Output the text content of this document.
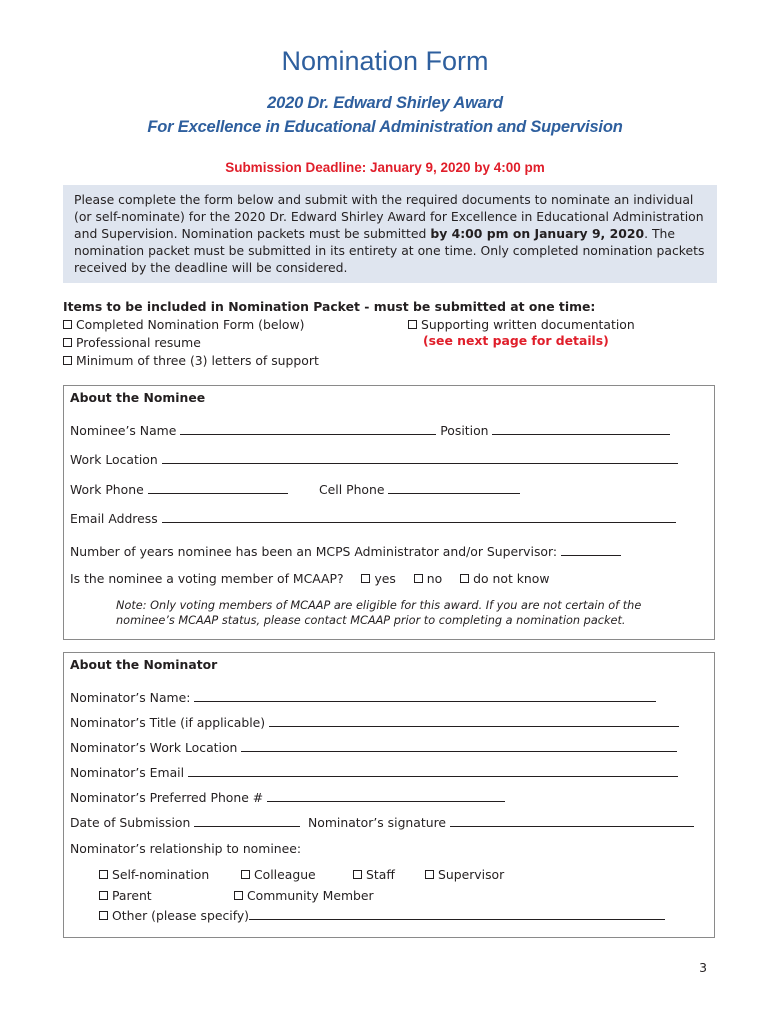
Nomination Form
2020 Dr. Edward Shirley Award
For Excellence in Educational Administration and Supervision
Submission Deadline: January 9, 2020 by 4:00 pm
Please complete the form below and submit with the required documents to nominate an individual (or self-nominate) for the 2020 Dr. Edward Shirley Award for Excellence in Educational Administration and Supervision. Nomination packets must be submitted by 4:00 pm on January 9, 2020. The nomination packet must be submitted in its entirety at one time. Only completed nomination packets received by the deadline will be considered.
Items to be included in Nomination Packet - must be submitted at one time:
Completed Nomination Form (below)
Professional resume
Minimum of three (3) letters of support
Supporting written documentation
(see next page for details)
About the Nominee
Nominee’s Name	Position
Work Location
Work Phone	Cell Phone
Email Address
Number of years nominee has been an MCPS Administrator and/or Supervisor:
Is the nominee a voting member of MCAAP? yes no do not know
Note: Only voting members of MCAAP are eligible for this award. If you are not certain of the nominee’s MCAAP status, please contact MCAAP prior to completing a nomination packet.
About the Nominator
Nominator’s Name:
Nominator’s Title (if applicable)
Nominator’s Work Location
Nominator’s Email
Nominator’s Preferred Phone #
Date of Submission	Nominator’s signature
Nominator’s relationship to nominee:
Self-nomination	Colleague	Staff	Supervisor
Parent	Community Member
Other (please specify)
3
